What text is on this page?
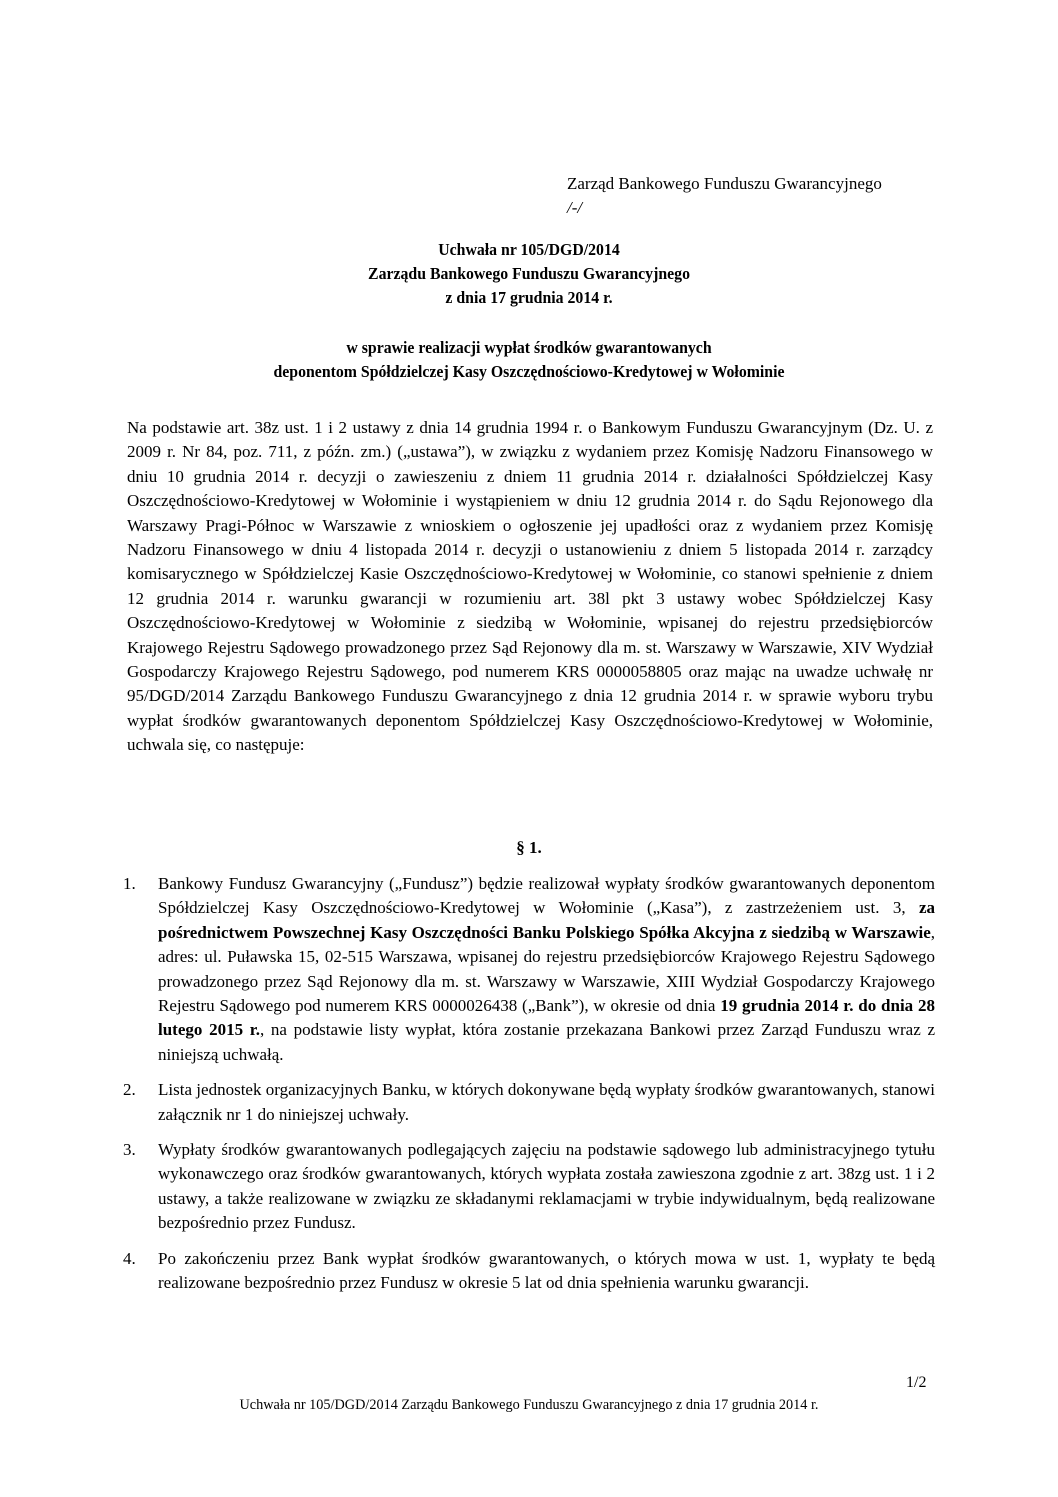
Zarząd Bankowego Funduszu Gwarancyjnego
/-/
Uchwała nr 105/DGD/2014
Zarządu Bankowego Funduszu Gwarancyjnego
z dnia 17 grudnia 2014 r.
w sprawie realizacji wypłat środków gwarantowanych
deponentom Spółdzielczej Kasy Oszczędnościowo-Kredytowej w Wołominie
Na podstawie art. 38z ust. 1 i 2 ustawy z dnia 14 grudnia 1994 r. o Bankowym Funduszu Gwarancyjnym (Dz. U. z 2009 r. Nr 84, poz. 711, z późn. zm.) („ustawa”), w związku z wydaniem przez Komisję Nadzoru Finansowego w dniu 10 grudnia 2014 r. decyzji o zawieszeniu z dniem 11 grudnia 2014 r. działalności Spółdzielczej Kasy Oszczędnościowo-Kredytowej w Wołominie i wystąpieniem w dniu 12 grudnia 2014 r. do Sądu Rejonowego dla Warszawy Pragi-Północ w Warszawie z wnioskiem o ogłoszenie jej upadłości oraz z wydaniem przez Komisję Nadzoru Finansowego w dniu 4 listopada 2014 r. decyzji o ustanowieniu z dniem 5 listopada 2014 r. zarządcy komisarycznego w Spółdzielczej Kasie Oszczędnościowo-Kredytowej w Wołominie, co stanowi spełnienie z dniem 12 grudnia 2014 r. warunku gwarancji w rozumieniu art. 38l pkt 3 ustawy wobec Spółdzielczej Kasy Oszczędnościowo-Kredytowej w Wołominie z siedzibą w Wołominie, wpisanej do rejestru przedsiębiorców Krajowego Rejestru Sądowego prowadzonego przez Sąd Rejonowy dla m. st. Warszawy w Warszawie, XIV Wydział Gospodarczy Krajowego Rejestru Sądowego, pod numerem KRS 0000058805 oraz mając na uwadze uchwałę nr 95/DGD/2014 Zarządu Bankowego Funduszu Gwarancyjnego z dnia 12 grudnia 2014 r. w sprawie wyboru trybu wypłat środków gwarantowanych deponentom Spółdzielczej Kasy Oszczędnościowo-Kredytowej w Wołominie, uchwala się, co następuje:
§ 1.
1. Bankowy Fundusz Gwarancyjny („Fundusz”) będzie realizował wypłaty środków gwarantowanych deponentom Spółdzielczej Kasy Oszczędnościowo-Kredytowej w Wołominie („Kasa”), z zastrzeżeniem ust. 3, za pośrednictwem Powszechnej Kasy Oszczędności Banku Polskiego Spółka Akcyjna z siedzibą w Warszawie, adres: ul. Puławska 15, 02-515 Warszawa, wpisanej do rejestru przedsiębiorców Krajowego Rejestru Sądowego prowadzonego przez Sąd Rejonowy dla m. st. Warszawy w Warszawie, XIII Wydział Gospodarczy Krajowego Rejestru Sądowego pod numerem KRS 0000026438 („Bank”), w okresie od dnia 19 grudnia 2014 r. do dnia 28 lutego 2015 r., na podstawie listy wypłat, która zostanie przekazana Bankowi przez Zarząd Funduszu wraz z niniejszą uchwałą.
2. Lista jednostek organizacyjnych Banku, w których dokonywane będą wypłaty środków gwarantowanych, stanowi załącznik nr 1 do niniejszej uchwały.
3. Wypłaty środków gwarantowanych podlegających zajęciu na podstawie sądowego lub administracyjnego tytułu wykonawczego oraz środków gwarantowanych, których wypłata została zawieszona zgodnie z art. 38zg ust. 1 i 2 ustawy, a także realizowane w związku ze składanymi reklamacjami w trybie indywidualnym, będą realizowane bezpośrednio przez Fundusz.
4. Po zakończeniu przez Bank wypłat środków gwarantowanych, o których mowa w ust. 1, wypłaty te będą realizowane bezpośrednio przez Fundusz w okresie 5 lat od dnia spełnienia warunku gwarancji.
1/2
Uchwała nr 105/DGD/2014 Zarządu Bankowego Funduszu Gwarancyjnego z dnia 17 grudnia 2014 r.
